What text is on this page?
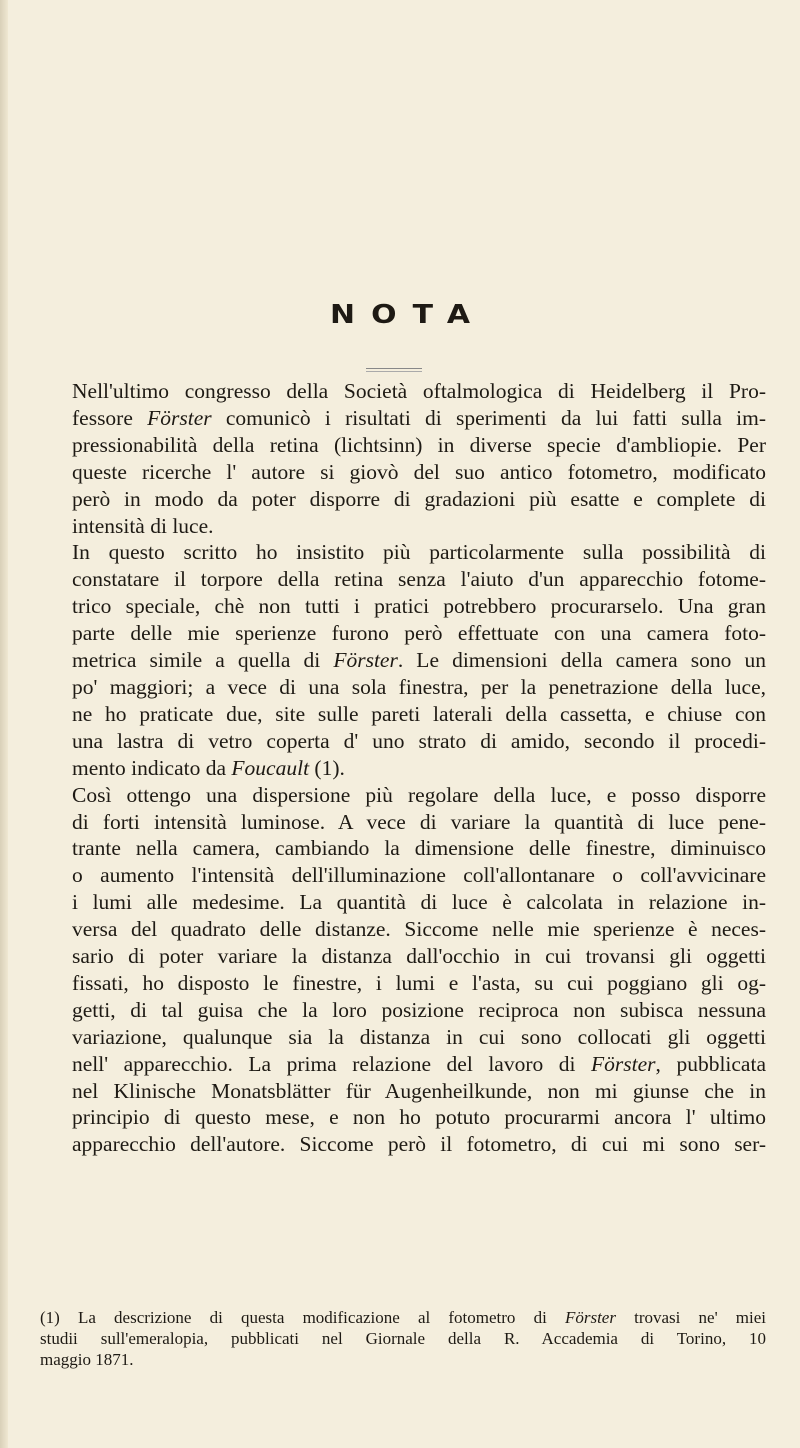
NOTA

Nell'ultimo congresso della Società oftalmologica di Heidelberg il Pro-
fessore Förster comunicò i risultati di sperimenti da lui fatti sulla im-
pressionabilità della retina (lichtsinn) in diverse specie d'ambliopie. Per
queste ricerche l' autore si giovò del suo antico fotometro, modificato
però in modo da poter disporre di gradazioni più esatte e complete di
intensità di luce.

In questo scritto ho insistito più particolarmente sulla possibilità di
constatare il torpore della retina senza l'aiuto d'un apparecchio fotome-
trico speciale, chè non tutti i pratici potrebbero procurarselo. Una gran
parte delle mie sperienze furono però effettuate con una camera foto-
metrica simile a quella di Förster. Le dimensioni della camera sono un
po' maggiori; a vece di una sola finestra, per la penetrazione della luce,
ne ho praticate due, site sulle pareti laterali della cassetta, e chiuse con
una lastra di vetro coperta d' uno strato di amido, secondo il procedi-
mento indicato da Foucault (1).

Così ottengo una dispersione più regolare della luce, e posso disporre
di forti intensità luminose. A vece di variare la quantità di luce pene-
trante nella camera, cambiando la dimensione delle finestre, diminuisco
o aumento l'intensità dell'illuminazione coll'allontanare o coll'avvicinare
i lumi alle medesime. La quantità di luce è calcolata in relazione in-
versa del quadrato delle distanze. Siccome nelle mie sperienze è neces-
sario di poter variare la distanza dall'occhio in cui trovansi gli oggetti
fissati, ho disposto le finestre, i lumi e l'asta, su cui poggiano gli og-
getti, di tal guisa che la loro posizione reciproca non subisca nessuna
variazione, qualunque sia la distanza in cui sono collocati gli oggetti
nell' apparecchio. La prima relazione del lavoro di Förster, pubblicata
nel Klinische Monatsblätter für Augenheilkunde, non mi giunse che in
principio di questo mese, e non ho potuto procurarmi ancora l' ultimo
apparecchio dell'autore. Siccome però il fotometro, di cui mi sono ser-

(1) La descrizione di questa modificazione al fotometro di Förster trovasi ne' miei
studii sull'emeralopia, pubblicati nel Giornale della R. Accademia di Torino, 10
maggio 1871.
